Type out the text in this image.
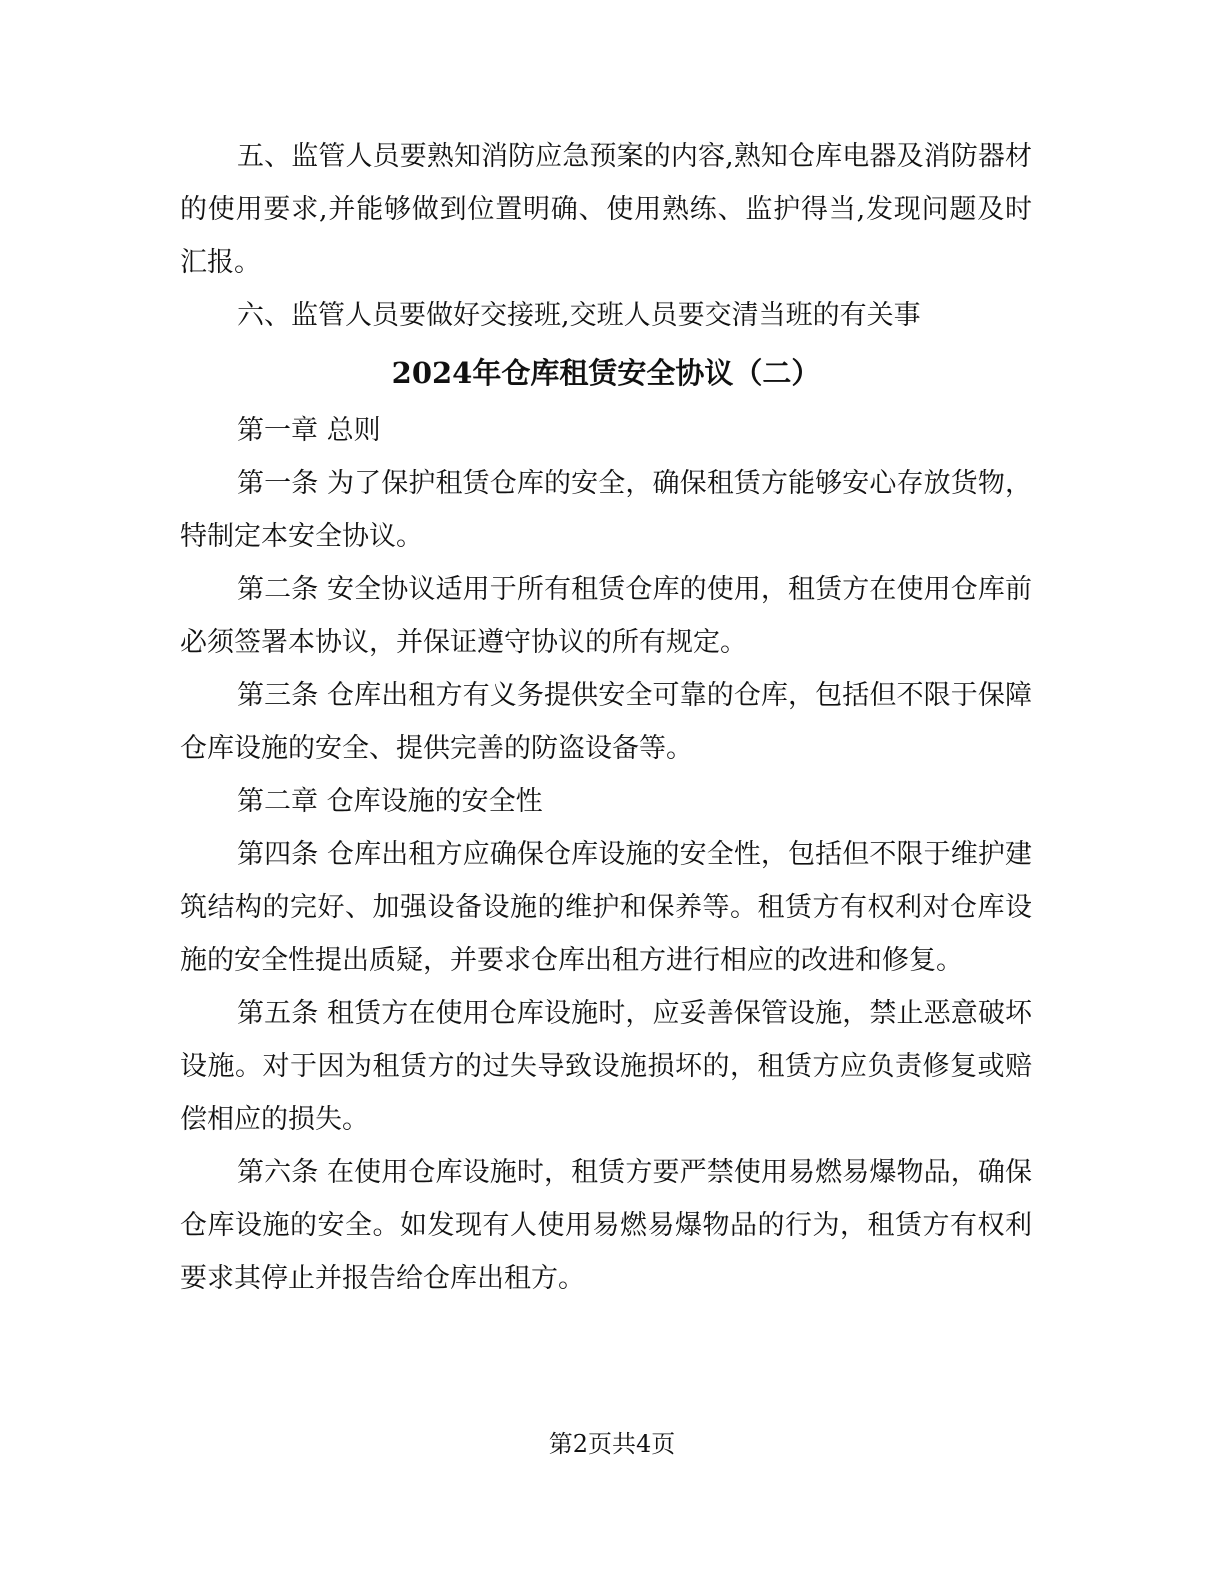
五、监管人员要熟知消防应急预案的内容,熟知仓库电器及消防器材的使用要求,并能够做到位置明确、使用熟练、监护得当,发现问题及时汇报。

六、监管人员要做好交接班,交班人员要交清当班的有关事

2024年仓库租赁安全协议（二）

第一章 总则

第一条 为了保护租赁仓库的安全，确保租赁方能够安心存放货物，特制定本安全协议。

第二条 安全协议适用于所有租赁仓库的使用，租赁方在使用仓库前必须签署本协议，并保证遵守协议的所有规定。

第三条 仓库出租方有义务提供安全可靠的仓库，包括但不限于保障仓库设施的安全、提供完善的防盗设备等。

第二章 仓库设施的安全性

第四条 仓库出租方应确保仓库设施的安全性，包括但不限于维护建筑结构的完好、加强设备设施的维护和保养等。租赁方有权利对仓库设施的安全性提出质疑，并要求仓库出租方进行相应的改进和修复。

第五条 租赁方在使用仓库设施时，应妥善保管设施，禁止恶意破坏设施。对于因为租赁方的过失导致设施损坏的，租赁方应负责修复或赔偿相应的损失。

第六条 在使用仓库设施时，租赁方要严禁使用易燃易爆物品，确保仓库设施的安全。如发现有人使用易燃易爆物品的行为，租赁方有权利要求其停止并报告给仓库出租方。

第2页共4页
